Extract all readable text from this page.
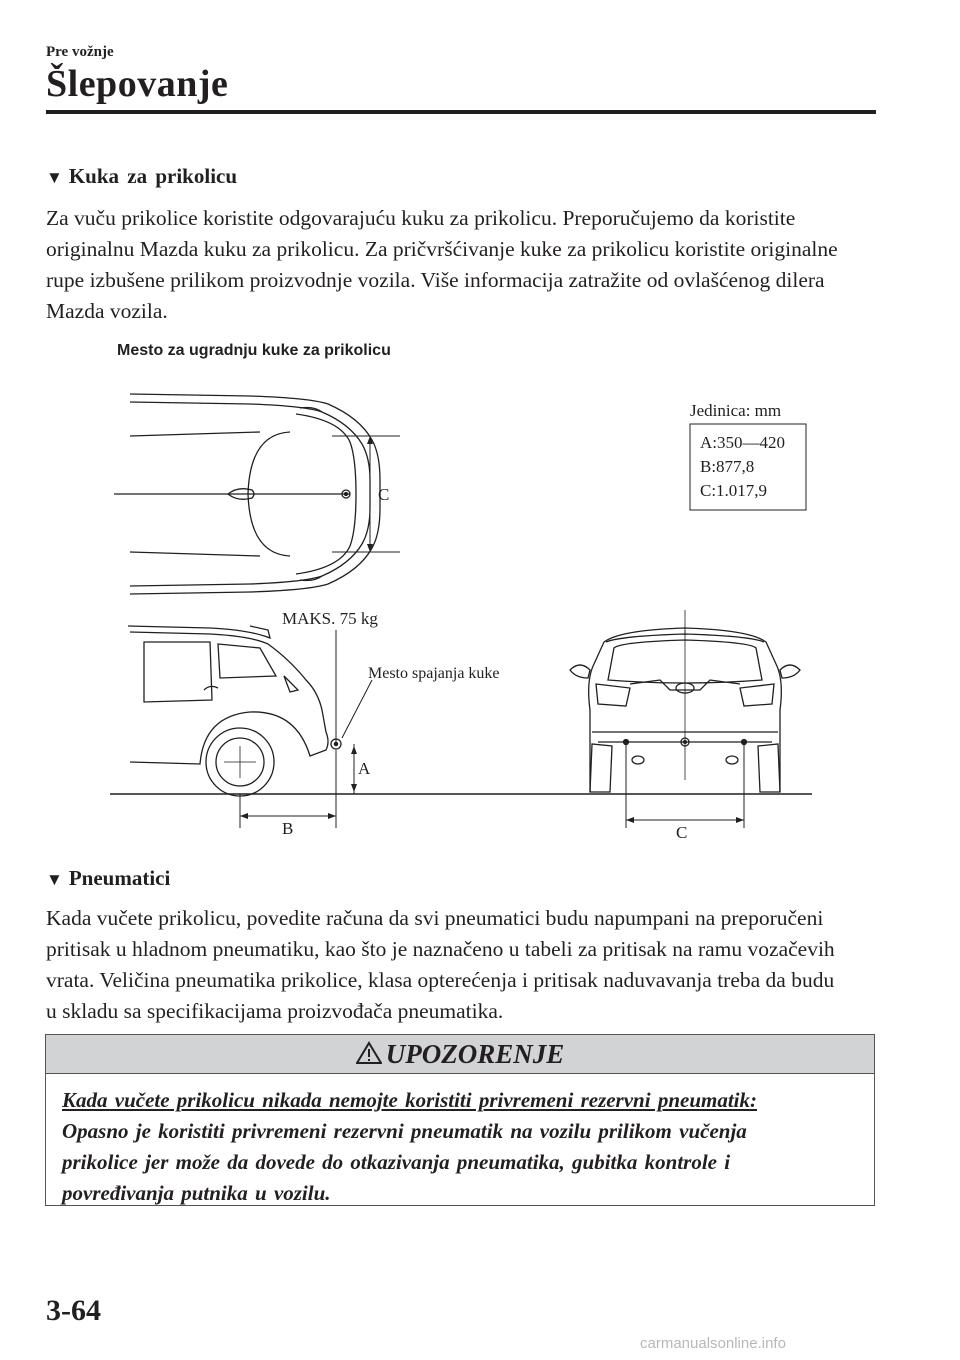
Pre vožnje
Šlepovanje
▼ Kuka za prikolicu
Za vuču prikolice koristite odgovarajuću kuku za prikolicu. Preporučujemo da koristite
originalnu Mazda kuku za prikolicu. Za pričvršćivanje kuke za prikolicu koristite originalne
rupe izbušene prilikom proizvodnje vozila. Više informacija zatražite od ovlašćenog dilera
Mazda vozila.
Mesto za ugradnju kuke za prikolicu
C
Jedinica: mm
A:350—420
B:877,8
C:1.017,9
MAKS. 75 kg
Mesto spajanja kuke
A
B	C
▼ Pneumatici
Kada vučete prikolicu, povedite računa da svi pneumatici budu napumpani na preporučeni
pritisak u hladnom pneumatiku, kao što je naznačeno u tabeli za pritisak na ramu vozačevih
vrata. Veličina pneumatika prikolice, klasa opterećenja i pritisak naduvavanja treba da budu
u skladu sa specifikacijama proizvođača pneumatika.
UPOZORENJE
Kada vučete prikolicu nikada nemojte koristiti privremeni rezervni pneumatik:
Opasno je koristiti privremeni rezervni pneumatik na vozilu prilikom vučenja
prikolice jer može da dovede do otkazivanja pneumatika, gubitka kontrole i
povređivanja putnika u vozilu.
3-64
carmanualsonline.info
